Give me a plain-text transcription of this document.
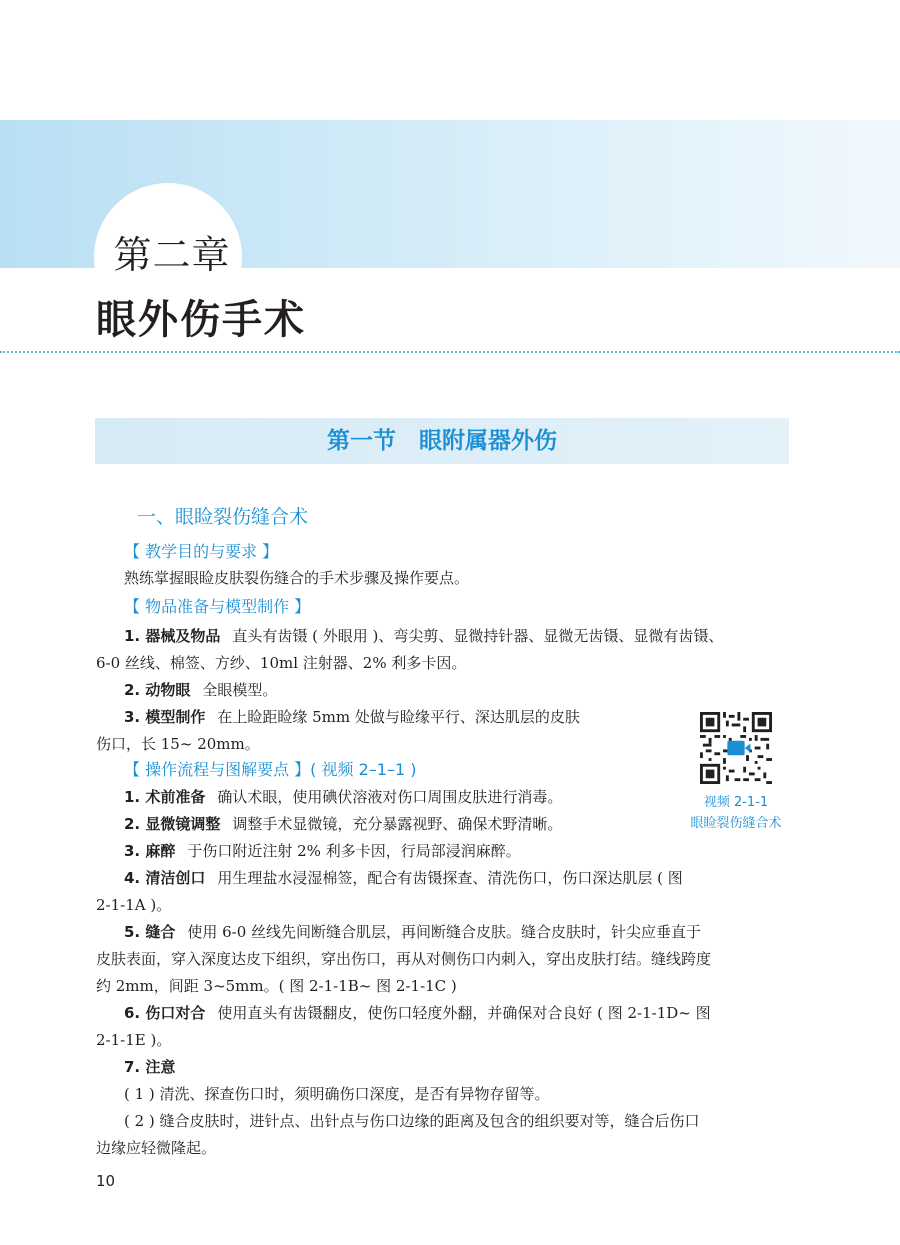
第二章
眼外伤手术
第一节　眼附属器外伤
一、眼睑裂伤缝合术
【 教学目的与要求 】
熟练掌握眼睑皮肤裂伤缝合的手术步骤及操作要点。
【 物品准备与模型制作 】
1. 器械及物品 直头有齿镊 ( 外眼用 )、弯尖剪、显微持针器、显微无齿镊、显微有齿镊、
6-0 丝线、棉签、方纱、10ml 注射器、2% 利多卡因。
2. 动物眼 全眼模型。
3. 模型制作 在上睑距睑缘 5mm 处做与睑缘平行、深达肌层的皮肤
伤口，长 15~ 20mm。
视频 2-1-1
眼睑裂伤缝合术
【 操作流程与图解要点 】( 视频 2–1–1 )
1. 术前准备 确认术眼，使用碘伏溶液对伤口周围皮肤进行消毒。
2. 显微镜调整 调整手术显微镜，充分暴露视野、确保术野清晰。
3. 麻醉 于伤口附近注射 2% 利多卡因，行局部浸润麻醉。
4. 清洁创口 用生理盐水浸湿棉签，配合有齿镊探查、清洗伤口，伤口深达肌层 ( 图
2-1-1A )。
5. 缝合 使用 6-0 丝线先间断缝合肌层，再间断缝合皮肤。缝合皮肤时，针尖应垂直于
皮肤表面，穿入深度达皮下组织，穿出伤口，再从对侧伤口内刺入，穿出皮肤打结。缝线跨度
约 2mm，间距 3~5mm。( 图 2-1-1B~ 图 2-1-1C )
6. 伤口对合 使用直头有齿镊翻皮，使伤口轻度外翻，并确保对合良好 ( 图 2-1-1D~ 图
2-1-1E )。
7. 注意
( 1 ) 清洗、探查伤口时，须明确伤口深度，是否有异物存留等。
( 2 ) 缝合皮肤时，进针点、出针点与伤口边缘的距离及包含的组织要对等，缝合后伤口
边缘应轻微隆起。
10
